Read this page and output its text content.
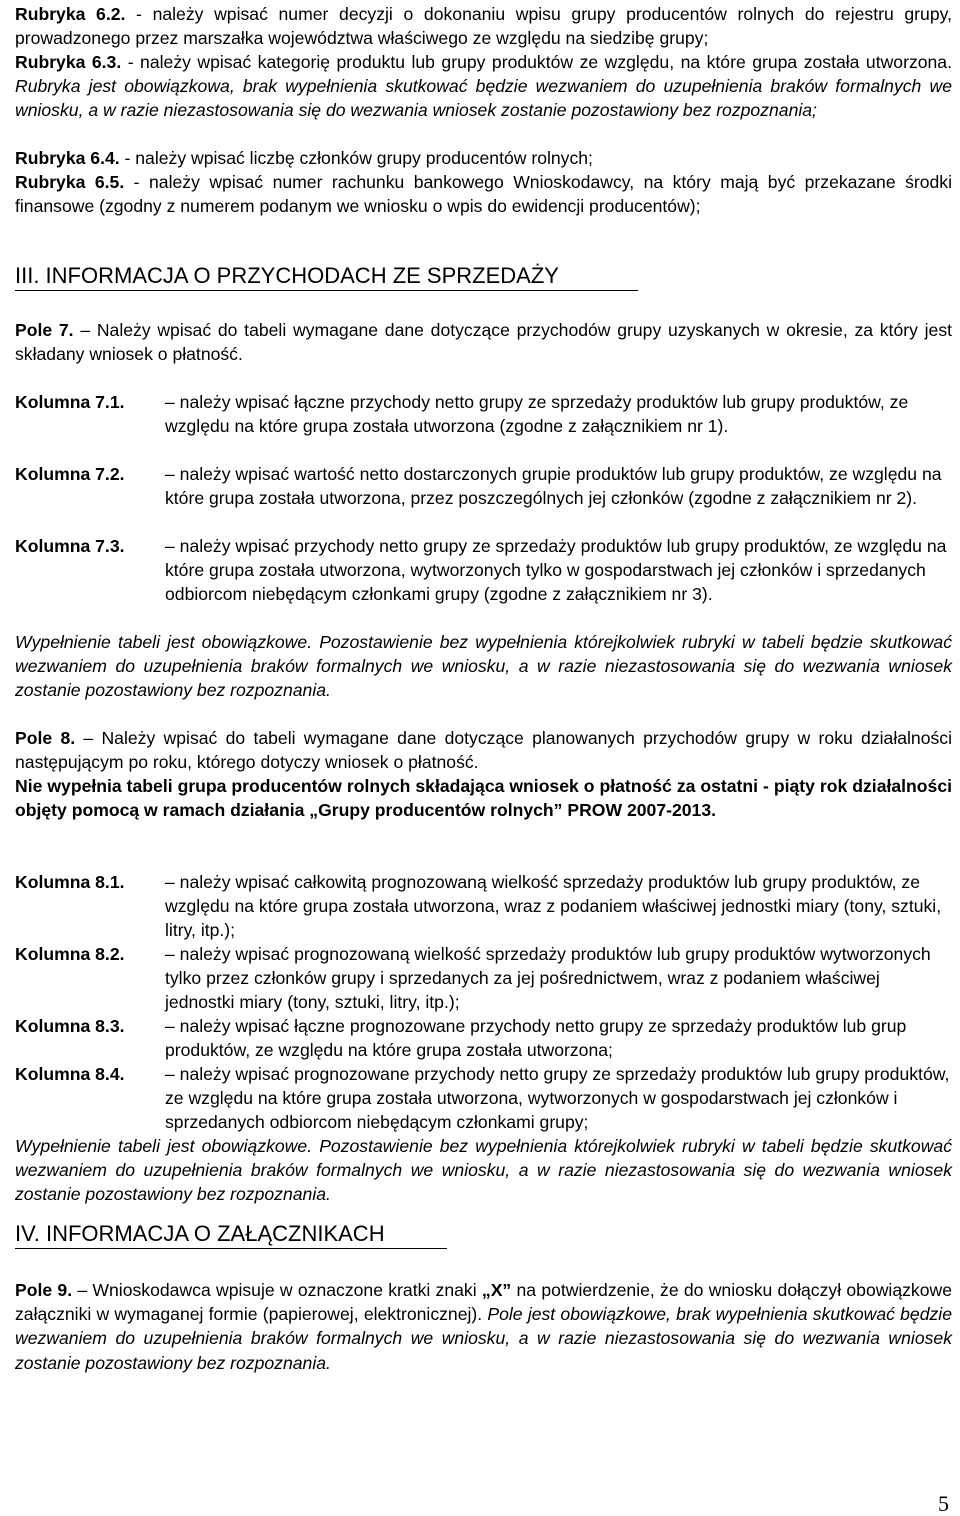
Rubryka 6.2. - należy wpisać numer decyzji o dokonaniu wpisu grupy producentów rolnych do rejestru grupy, prowadzonego przez marszałka województwa właściwego ze względu na siedzibę grupy;
Rubryka 6.3. - należy wpisać kategorię produktu lub grupy produktów ze względu, na które grupa została utworzona. Rubryka jest obowiązkowa, brak wypełnienia skutkować będzie wezwaniem do uzupełnienia braków formalnych we wniosku, a w razie niezastosowania się do wezwania wniosek zostanie pozostawiony bez rozpoznania;
Rubryka 6.4. - należy wpisać liczbę członków grupy producentów rolnych;
Rubryka 6.5. - należy wpisać numer rachunku bankowego Wnioskodawcy, na który mają być przekazane środki finansowe (zgodny z numerem podanym we wniosku o wpis do ewidencji producentów);
III. INFORMACJA O PRZYCHODACH ZE SPRZEDAŻY
Pole 7. – Należy wpisać do tabeli wymagane dane dotyczące przychodów grupy uzyskanych w okresie, za który jest składany wniosek o płatność.
Kolumna 7.1.	– należy wpisać łączne przychody netto grupy ze sprzedaży produktów lub grupy produktów, ze względu na które grupa została utworzona (zgodne z załącznikiem nr 1).
Kolumna 7.2.	– należy wpisać wartość netto dostarczonych grupie produktów lub grupy produktów, ze względu na które grupa została utworzona, przez poszczególnych jej członków (zgodne z załącznikiem nr 2).
Kolumna 7.3.	– należy wpisać przychody netto grupy ze sprzedaży produktów lub grupy produktów, ze względu na które grupa została utworzona, wytworzonych tylko w gospodarstwach jej członków i sprzedanych odbiorcom niebędącym członkami grupy (zgodne z załącznikiem nr 3).
Wypełnienie tabeli jest obowiązkowe. Pozostawienie bez wypełnienia którejkolwiek rubryki w tabeli będzie skutkować wezwaniem do uzupełnienia braków formalnych we wniosku, a w razie niezastosowania się do wezwania wniosek zostanie pozostawiony bez rozpoznania.
Pole 8. – Należy wpisać do tabeli wymagane dane dotyczące planowanych przychodów grupy w roku działalności następującym po roku, którego dotyczy wniosek o płatność.
Nie wypełnia tabeli grupa producentów rolnych składająca wniosek o płatność za ostatni - piąty rok działalności objęty pomocą w ramach działania „Grupy producentów rolnych” PROW 2007-2013.
Kolumna 8.1.	– należy wpisać całkowitą prognozowaną wielkość sprzedaży produktów lub grupy produktów, ze względu na które grupa została utworzona, wraz z podaniem właściwej jednostki miary (tony, sztuki, litry, itp.);
Kolumna 8.2.	– należy wpisać prognozowaną wielkość sprzedaży produktów lub grupy produktów wytworzonych tylko przez członków grupy i sprzedanych za jej pośrednictwem, wraz z podaniem właściwej jednostki miary (tony, sztuki, litry, itp.);
Kolumna 8.3.	– należy wpisać łączne prognozowane przychody netto grupy ze sprzedaży produktów lub grup produktów, ze względu na które grupa została utworzona;
Kolumna 8.4.	– należy wpisać prognozowane przychody netto grupy ze sprzedaży produktów lub grupy produktów, ze względu na które grupa została utworzona, wytworzonych w gospodarstwach jej członków i sprzedanych odbiorcom niebędącym członkami grupy;
Wypełnienie tabeli jest obowiązkowe. Pozostawienie bez wypełnienia którejkolwiek rubryki w tabeli będzie skutkować wezwaniem do uzupełnienia braków formalnych we wniosku, a w razie niezastosowania się do wezwania wniosek zostanie pozostawiony bez rozpoznania.
IV. INFORMACJA O ZAŁĄCZNIKACH
Pole 9. – Wnioskodawca wpisuje w oznaczone kratki znaki „X” na potwierdzenie, że do wniosku dołączył obowiązkowe załączniki w wymaganej formie (papierowej, elektronicznej). Pole jest obowiązkowe, brak wypełnienia skutkować będzie wezwaniem do uzupełnienia braków formalnych we wniosku, a w razie niezastosowania się do wezwania wniosek zostanie pozostawiony bez rozpoznania.
5
